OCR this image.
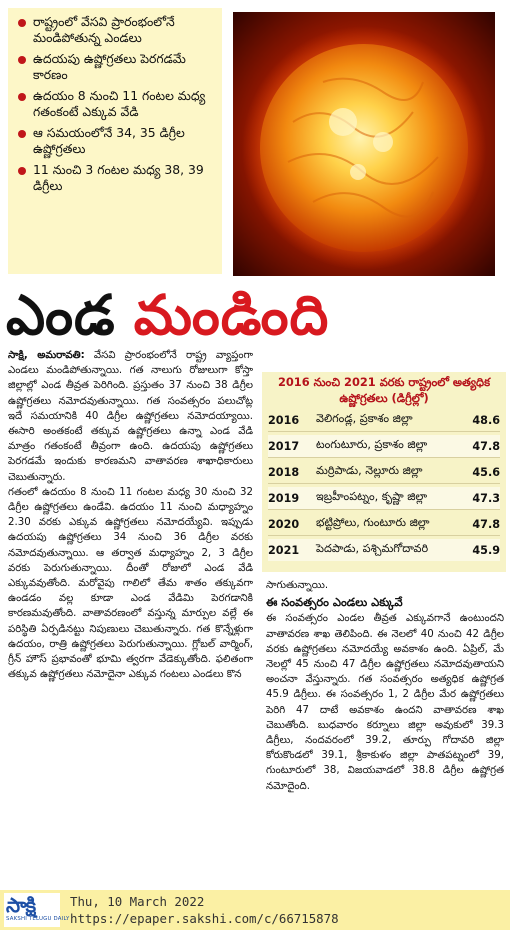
రాష్ట్రంలో వేసవి ప్రారంభంలోనే మండిపోతున్న ఎండలు
ఉదయపు ఉష్ణోగ్రతలు పెరగడమే కారణం
ఉదయం 8 నుంచి 11 గంటల మధ్య గతంకంటే ఎక్కువ వేడి
ఆ సమయంలోనే 34, 35 డిగ్రీల ఉష్ణోగ్రతలు
11 నుంచి 3 గంటల మధ్య 38, 39 డిగ్రీలు
ఎండ మండింది

సాక్షి, అమరావతి: వేసవి ప్రారంభంలోనే రాష్ట్ర వ్యాప్తంగా ఎండలు మండిపోతున్నాయి. గత నాలుగు రోజులుగా కోస్తా జిల్లాల్లో ఎండ తీవ్రత పెరిగింది. ప్రస్తుతం 37 నుంచి 38 డిగ్రీల ఉష్ణోగ్రతలు నమోదవుతున్నాయి. గత సంవత్సరం పలుచోట్ల ఇదే సమయానికి 40 డిగ్రీల ఉష్ణోగ్రతలు నమోదయ్యాయి. ఈసారి అంతకంటే తక్కువ ఉష్ణోగ్రతలు ఉన్నా ఎండ వేడి మాత్రం గతంకంటే తీవ్రంగా ఉంది. ఉదయపు ఉష్ణోగ్రతలు పెరగడమే ఇందుకు కారణమని వాతావరణ శాఖాధికారులు చెబుతున్నారు.

గతంలో ఉదయం 8 నుంచి 11 గంటల మధ్య 30 నుంచి 32 డిగ్రీల ఉష్ణోగ్రతలు ఉండేవి. ఉదయం 11 నుంచి మధ్యాహ్నం 2.30 వరకు ఎక్కువ ఉష్ణోగ్రతలు నమోదయ్యేవి. ఇప్పుడు ఉదయపు ఉష్ణోగ్రతలు 34 నుంచి 36 డిగ్రీల వరకు నమోదవుతున్నాయి. ఆ తర్వాత మధ్యాహ్నం 2, 3 డిగ్రీల వరకు పెరుగుతున్నాయి. దీంతో రోజులో ఎండ వేడి ఎక్కువవుతోంది. మరోవైపు గాలిలో తేమ శాతం తక్కువగా ఉండడం వల్ల కూడా ఎండ వేడిమి పెరగడానికి కారణమవుతోంది. వాతావరణంలో వస్తున్న మార్పుల వల్లే ఈ పరిస్థితి ఏర్పడినట్టు నిపుణులు చెబుతున్నారు. గత కొన్నేళ్లుగా ఉదయం, రాత్రి ఉష్ణోగ్రతలు పెరుగుతున్నాయి. గ్లోబల్ వార్మింగ్, గ్రీన్ హౌస్ ప్రభావంతో భూమి త్వరగా వేడెక్కుతోంది. ఫలితంగా తక్కువ ఉష్ణోగ్రతలు నమోదైనా ఎక్కువ గంటలు ఎండలు కొన

2016 నుంచి 2021 వరకు రాష్ట్రంలో అత్యధిక ఉష్ణోగ్రతలు (డిగ్రీల్లో)
2016	వెలిగండ్ల, ప్రకాశం జిల్లా	48.6
2017	టంగుటూరు, ప్రకాశం జిల్లా	47.8
2018	మర్రిపాడు, నెల్లూరు జిల్లా	45.6
2019	ఇబ్రహీంపట్నం, కృష్ణా జిల్లా	47.3
2020	భట్టిప్రోలు, గుంటూరు జిల్లా	47.8
2021	పెదపాడు, పశ్చిమగోదావరి	45.9

సాగుతున్నాయి.

ఈ సంవత్సరం ఎండలు ఎక్కువే

ఈ సంవత్సరం ఎండల తీవ్రత ఎక్కువగానే ఉంటుందని వాతావరణ శాఖ తెలిపింది. ఈ నెలలో 40 నుంచి 42 డిగ్రీల వరకు ఉష్ణోగ్రతలు నమోదయ్యే అవకాశం ఉంది. ఏప్రిల్, మే నెలల్లో 45 నుంచి 47 డిగ్రీల ఉష్ణోగ్రతలు నమోదవుతాయని అంచనా వేస్తున్నారు. గత సంవత్సరం అత్యధిక ఉష్ణోగ్రత 45.9 డిగ్రీలు. ఈ సంవత్సరం 1, 2 డిగ్రీల మేర ఉష్ణోగ్రతలు పెరిగి 47 దాటే అవకాశం ఉందని వాతావరణ శాఖ చెబుతోంది. బుధవారం కర్నూలు జిల్లా అవుకులో 39.3 డిగ్రీలు, నందవరంలో 39.2, తూర్పు గోదావరి జిల్లా కోరుకొండలో 39.1, శ్రీకాకుళం జిల్లా పాతపట్నంలో 39, గుంటూరులో 38, విజయవాడలో 38.8 డిగ్రీల ఉష్ణోగ్రత నమోదైంది.

సాక్షి
SAKSHI TELUGU DAILY
Thu, 10 March 2022
https://epaper.sakshi.com/c/66715878
